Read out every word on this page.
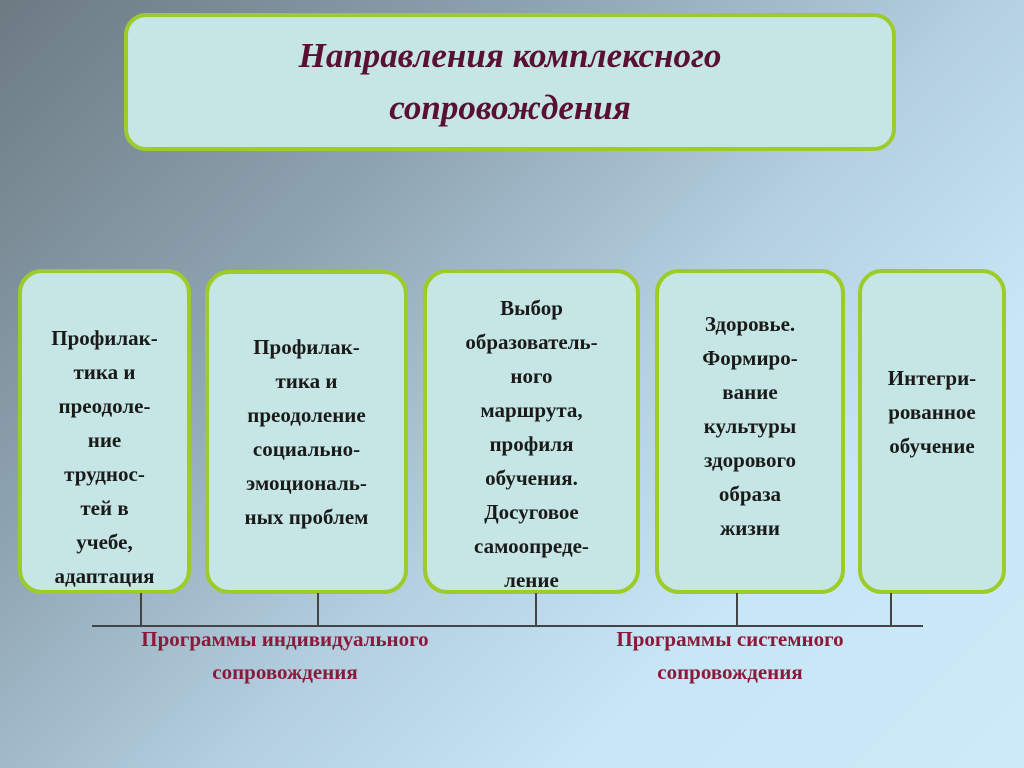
Направления комплексного
сопровождения
Профилак-
тика и
преодоле-
ние
труднос-
тей в
учебе,
адаптация
Профилак-
тика и
преодоление
социально-
эмоциональ-
ных проблем
Выбор
образователь-
ного
маршрута,
профиля
обучения.
Досуговое
самоопреде-
ление
Здоровье.
Формиро-
вание
культуры
здорового
образа
жизни
Интегри-
рованное
обучение
Программы индивидуального
сопровождения
Программы системного
сопровождения
